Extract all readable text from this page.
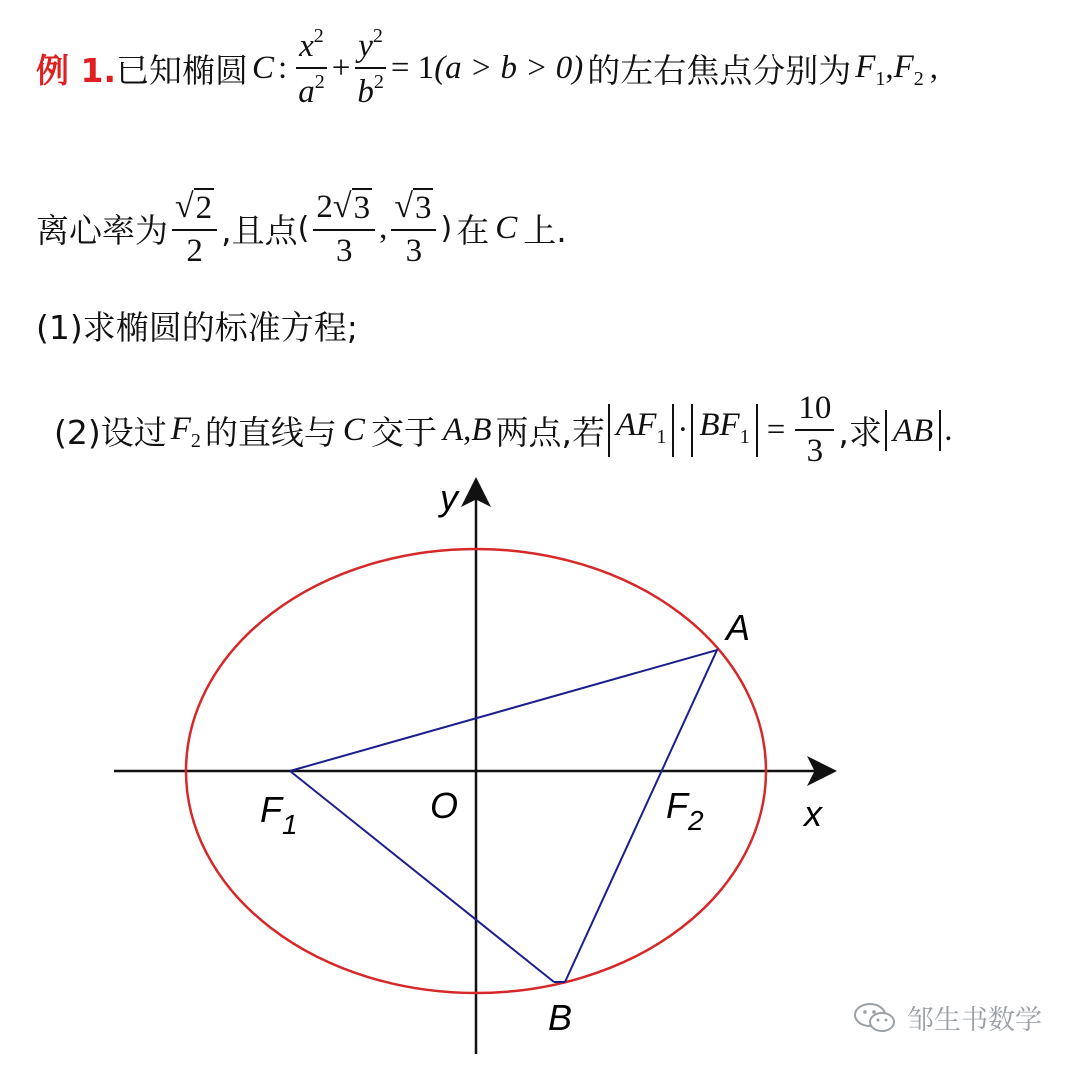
例 1. 已知椭圆 C : $\frac{x^2}{a^2} + \frac{y^2}{b^2} = 1$ (a > b > 0) 的左右焦点分别为 $F_1$ , $F_2$ ,
离心率为 $\frac{√ 2}{2}$ ,且点 ( $\frac{2 √ 3}{3}$ , $\frac{√ 3}{3}$ ) 在 C 上.
(1)求椭圆的标准方程;
(2)设过 $F_2$ 的直线与 C 交于 A , B 两点,若 $AF_1 \cdot BF_1 = \frac{10}{3}$ ,求 AB .
y
x
O
A
B
$F_1$	$F_2$
邹生书数学
